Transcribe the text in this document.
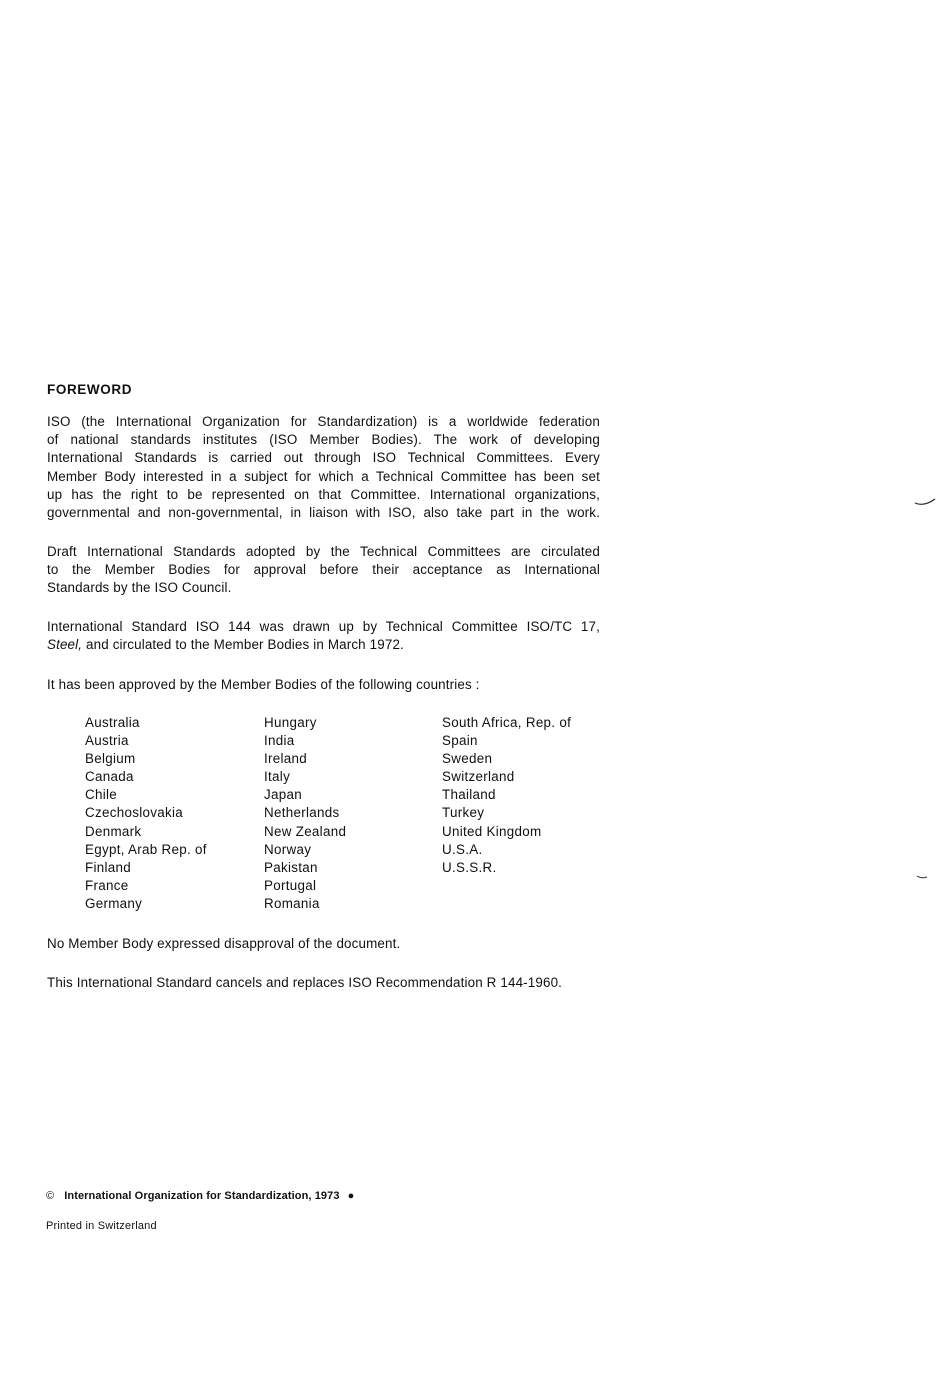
FOREWORD
ISO (the International Organization for Standardization) is a worldwide federation
of national standards institutes (ISO Member Bodies). The work of developing
International Standards is carried out through ISO Technical Committees. Every
Member Body interested in a subject for which a Technical Committee has been set
up has the right to be represented on that Committee. International organizations,
governmental and non-governmental, in liaison with ISO, also take part in the work.
Draft International Standards adopted by the Technical Committees are circulated
to the Member Bodies for approval before their acceptance as International
Standards by the ISO Council.
International Standard ISO 144 was drawn up by Technical Committee ISO/TC 17,
Steel, and circulated to the Member Bodies in March 1972.
It has been approved by the Member Bodies of the following countries :
Australia
Austria
Belgium
Canada
Chile
Czechoslovakia
Denmark
Egypt, Arab Rep. of
Finland
France
Germany
Hungary
India
Ireland
Italy
Japan
Netherlands
New Zealand
Norway
Pakistan
Portugal
Romania
South Africa, Rep. of
Spain
Sweden
Switzerland
Thailand
Turkey
United Kingdom
U.S.A.
U.S.S.R.
No Member Body expressed disapproval of the document.
This International Standard cancels and replaces ISO Recommendation R 144-1960.
© International Organization for Standardization, 1973 ●
Printed in Switzerland
